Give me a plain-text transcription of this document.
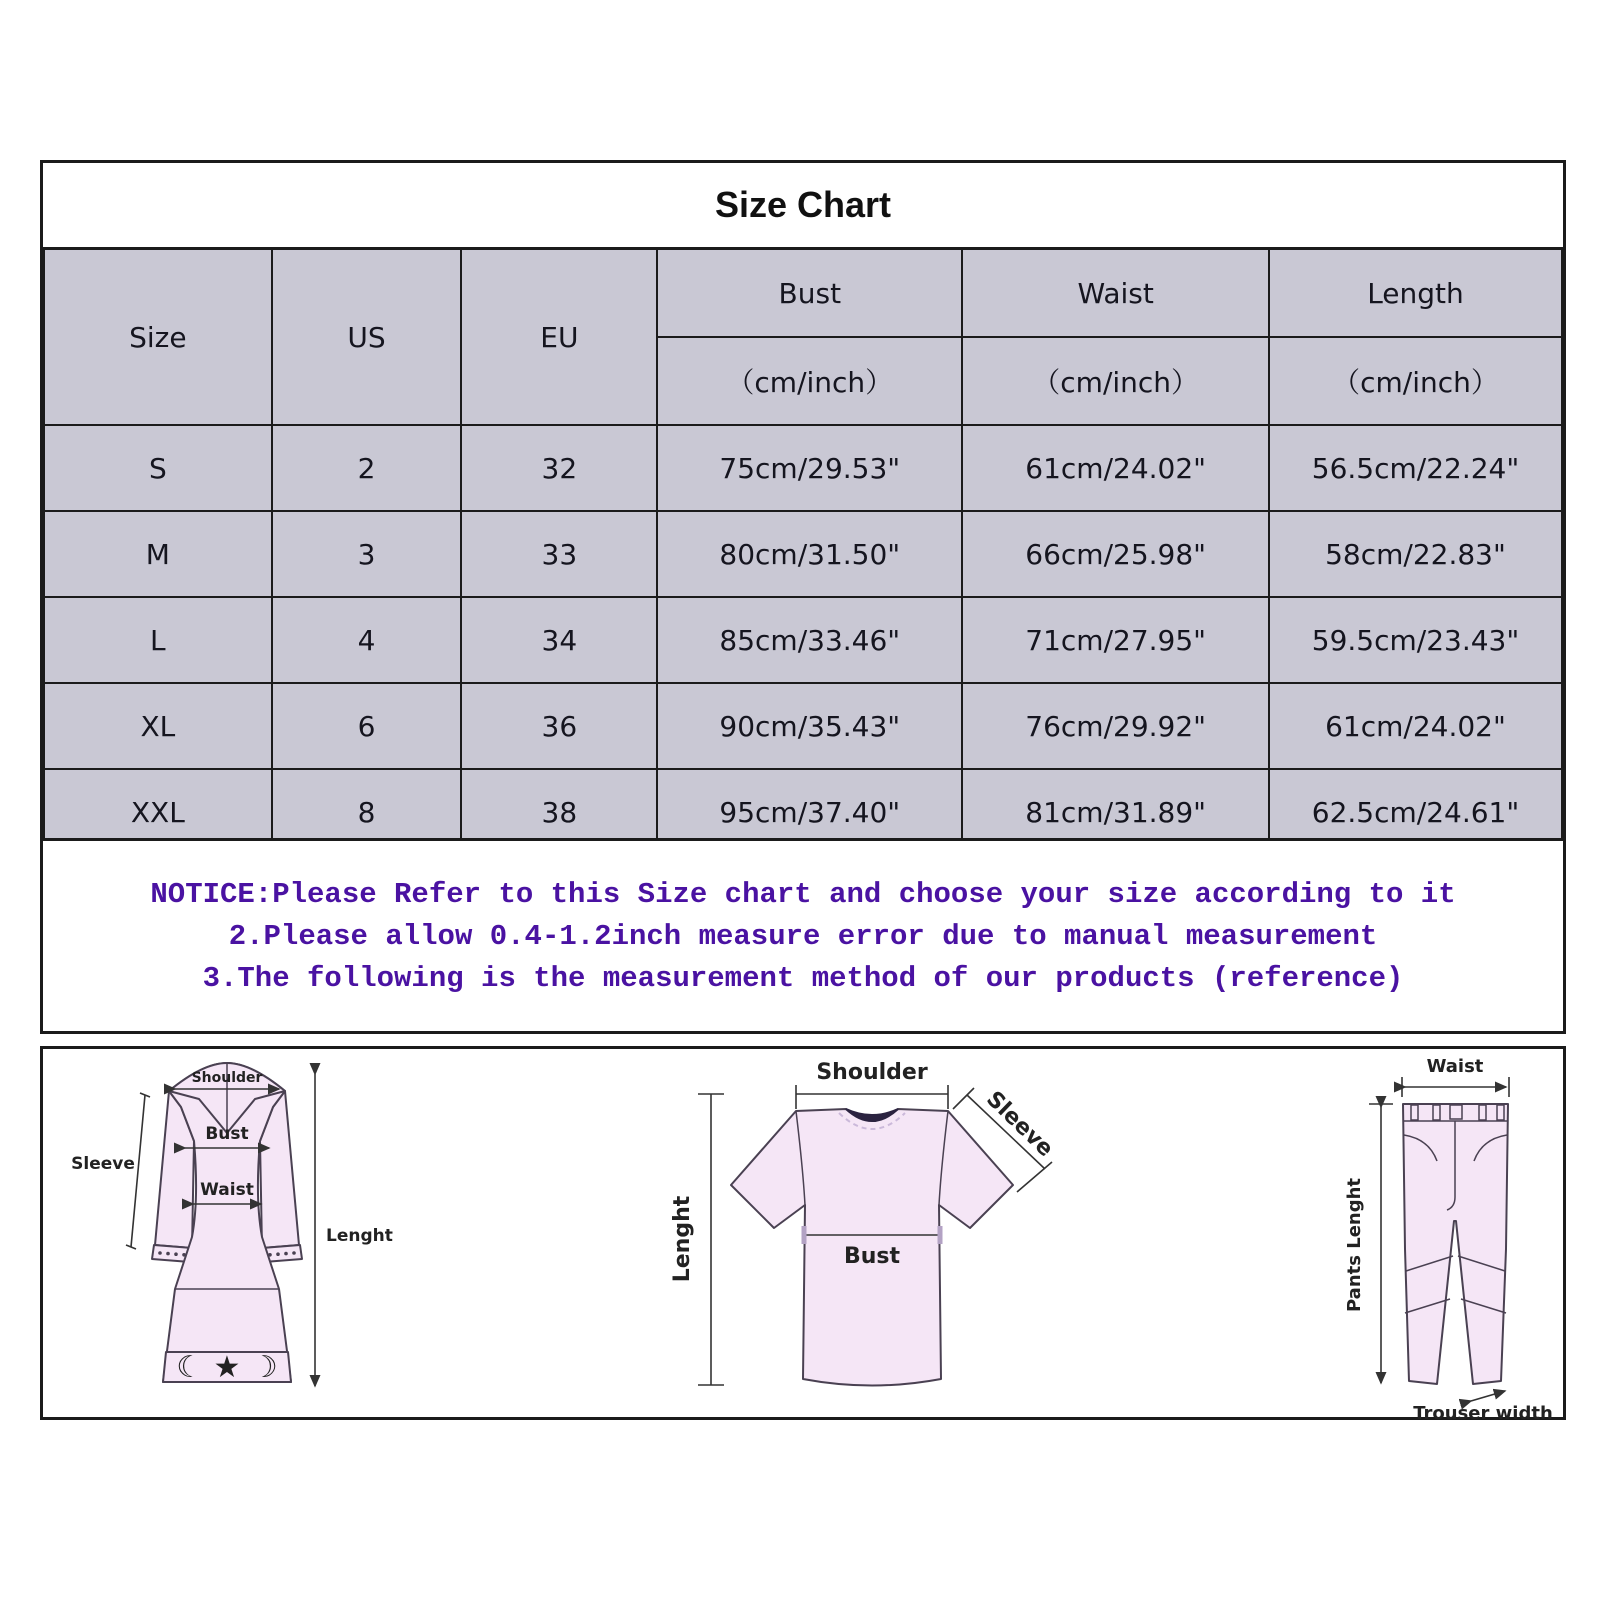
Size Chart					
Size	US	EU	Bust	Waist	Length
			（cm/inch）	（cm/inch）	（cm/inch）
S	2	32	75cm/29.53"	61cm/24.02"	56.5cm/22.24"
M	3	33	80cm/31.50"	66cm/25.98"	58cm/22.83"
L	4	34	85cm/33.46"	71cm/27.95"	59.5cm/23.43"
XL	6	36	90cm/35.43"	76cm/29.92"	61cm/24.02"
XXL	8	38	95cm/37.40"	81cm/31.89"	62.5cm/24.61"
NOTICE:Please Refer to this Size chart and choose your size according to it
2.Please allow 0.4-1.2inch measure error due to manual measurement
3.The following is the measurement method of our products (reference)
☾ ★ ☽
Shoulder
Bust
Waist
Sleeve
Lenght
Shoulder
Sleeve
Lenght	Bust
Waist
Pants Lenght
Trouser width
